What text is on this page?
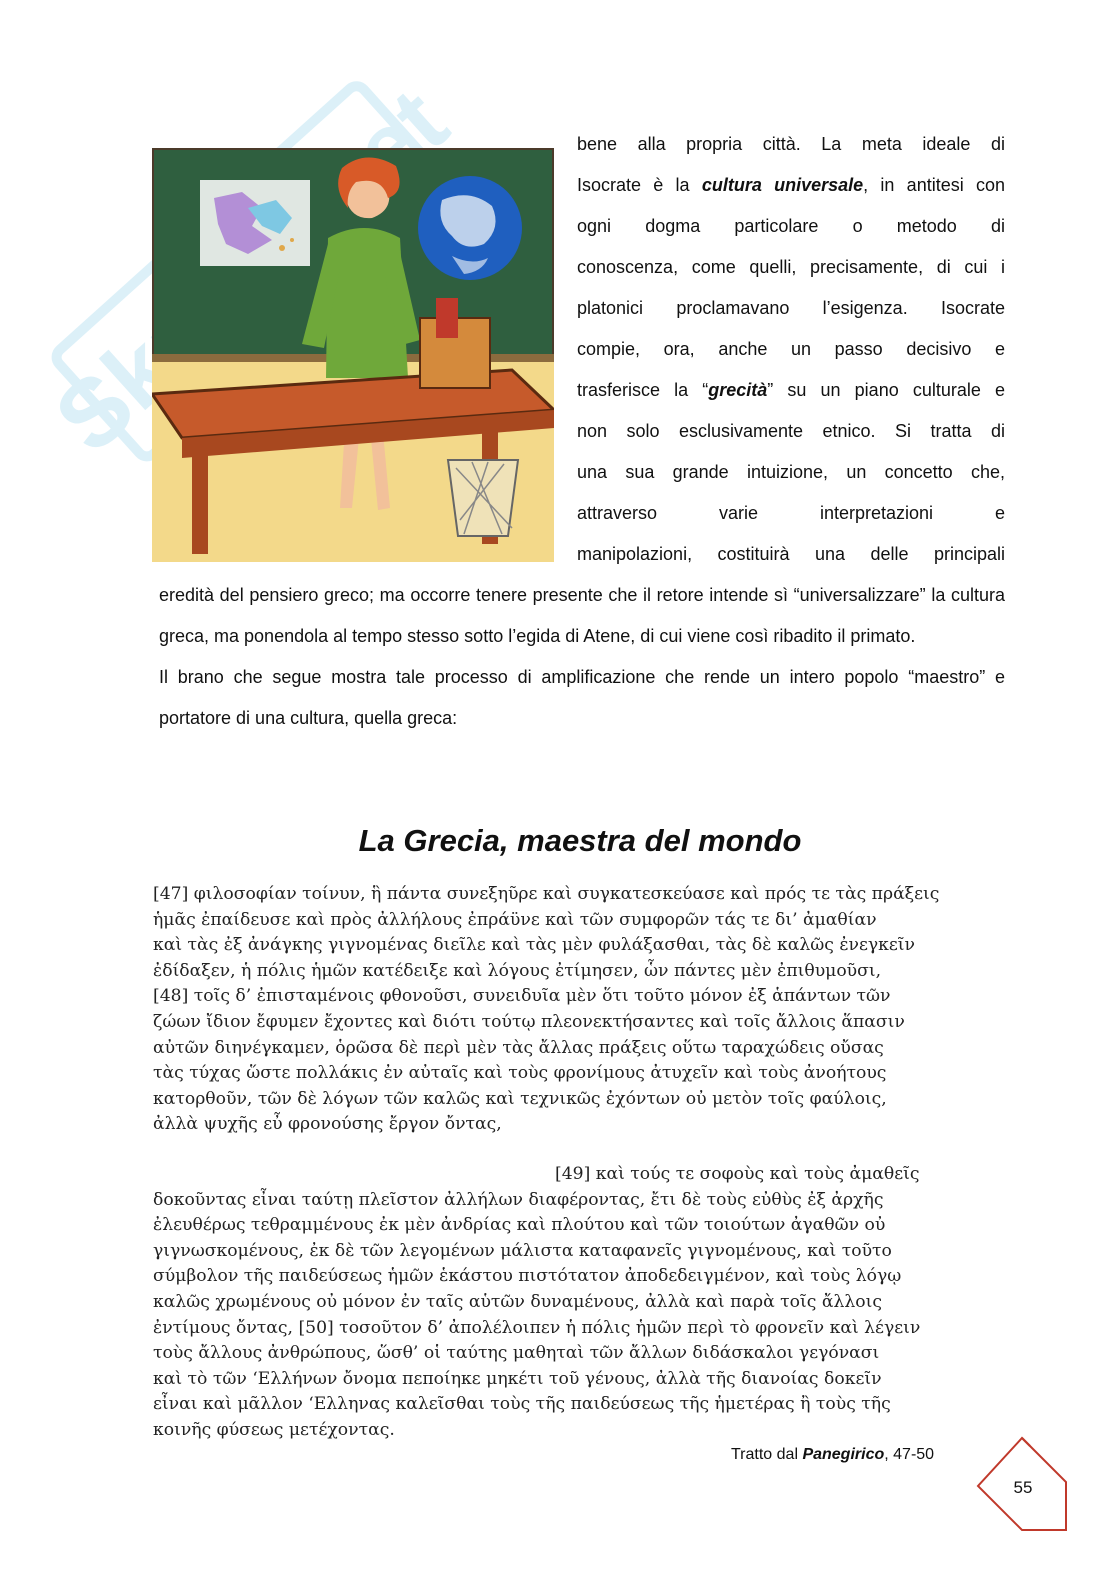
bene alla propria città. La meta ideale di

Isocrate è la cultura universale, in antitesi con

ogni dogma particolare o metodo di

conoscenza, come quelli, precisamente, di cui i

platonici proclamavano l’esigenza. Isocrate

compie, ora, anche un passo decisivo e

trasferisce la “grecità” su un piano culturale e

non solo esclusivamente etnico. Si tratta di

una sua grande intuizione, un concetto che,

attraverso varie interpretazioni e

manipolazioni, costituirà una delle principali

eredità del pensiero greco; ma occorre tenere presente che il retore intende sì “universalizzare” la cultura greca, ma ponendola al tempo stesso sotto l’egida di Atene, di cui viene così ribadito il primato.

Il brano che segue mostra tale processo di amplificazione che rende un intero popolo “maestro” e portatore di una cultura, quella greca:

La Grecia, maestra del mondo
[47] φιλοσοφίαν τοίνυν, ἣ πάντα συνεξηῦρε καὶ συγκατεσκεύασε καὶ πρός τε τὰς πράξεις
ἡμᾶς ἐπαίδευσε καὶ πρὸς ἀλλήλους ἐπράϋνε καὶ τῶν συμφορῶν τάς τε δι’ ἀμαθίαν
καὶ τὰς ἐξ ἀνάγκης γιγνομένας διεῖλε καὶ τὰς μὲν φυλάξασθαι, τὰς δὲ καλῶς ἐνεγκεῖν
ἐδίδαξεν, ἡ πόλις ἡμῶν κατέδειξε καὶ λόγους ἐτίμησεν, ὧν πάντες μὲν ἐπιθυμοῦσι,
[48] τοῖς δ’ ἐπισταμένοις φθονοῦσι, συνειδυῖα μὲν ὅτι τοῦτο μόνον ἐξ ἁπάντων τῶν
ζώων ἴδιον ἔφυμεν ἔχοντες καὶ διότι τούτῳ πλεονεκτήσαντες καὶ τοῖς ἄλλοις ἅπασιν
αὐτῶν διηνέγκαμεν, ὁρῶσα δὲ περὶ μὲν τὰς ἄλλας πράξεις οὕτω ταραχώδεις οὔσας
τὰς τύχας ὥστε πολλάκις ἐν αὐταῖς καὶ τοὺς φρονίμους ἀτυχεῖν καὶ τοὺς ἀνοήτους
κατορθοῦν, τῶν δὲ λόγων τῶν καλῶς καὶ τεχνικῶς ἐχόντων οὐ μετὸν τοῖς φαύλοις,
ἀλλὰ ψυχῆς εὖ φρονούσης ἔργον ὄντας,
[49] καὶ τούς τε σοφοὺς καὶ τοὺς ἀμαθεῖς
δοκοῦντας εἶναι ταύτῃ πλεῖστον ἀλλήλων διαφέροντας, ἔτι δὲ τοὺς εὐθὺς ἐξ ἀρχῆς
ἐλευθέρως τεθραμμένους ἐκ μὲν ἀνδρίας καὶ πλούτου καὶ τῶν τοιούτων ἀγαθῶν οὐ
γιγνωσκομένους, ἐκ δὲ τῶν λεγομένων μάλιστα καταφανεῖς γιγνομένους, καὶ τοῦτο
σύμβολον τῆς παιδεύσεως ἡμῶν ἑκάστου πιστότατον ἀποδεδειγμένον, καὶ τοὺς λόγῳ
καλῶς χρωμένους οὐ μόνον ἐν ταῖς αὑτῶν δυναμένους, ἀλλὰ καὶ παρὰ τοῖς ἄλλοις
ἐντίμους ὄντας, [50] τοσοῦτον δ’ ἀπολέλοιπεν ἡ πόλις ἡμῶν περὶ τὸ φρονεῖν καὶ λέγειν
τοὺς ἄλλους ἀνθρώπους, ὥσθ’ οἱ ταύτης μαθηταὶ τῶν ἄλλων διδάσκαλοι γεγόνασι
καὶ τὸ τῶν ‘Ελλήνων ὄνομα πεποίηκε μηκέτι τοῦ γένους, ἀλλὰ τῆς διανοίας δοκεῖν
εἶναι καὶ μᾶλλον ‘Ελληνας καλεῖσθαι τοὺς τῆς παιδεύσεως τῆς ἡμετέρας ἢ τοὺς τῆς
κοινῆς φύσεως μετέχοντας.
Tratto dal Panegirico, 47-50
55
